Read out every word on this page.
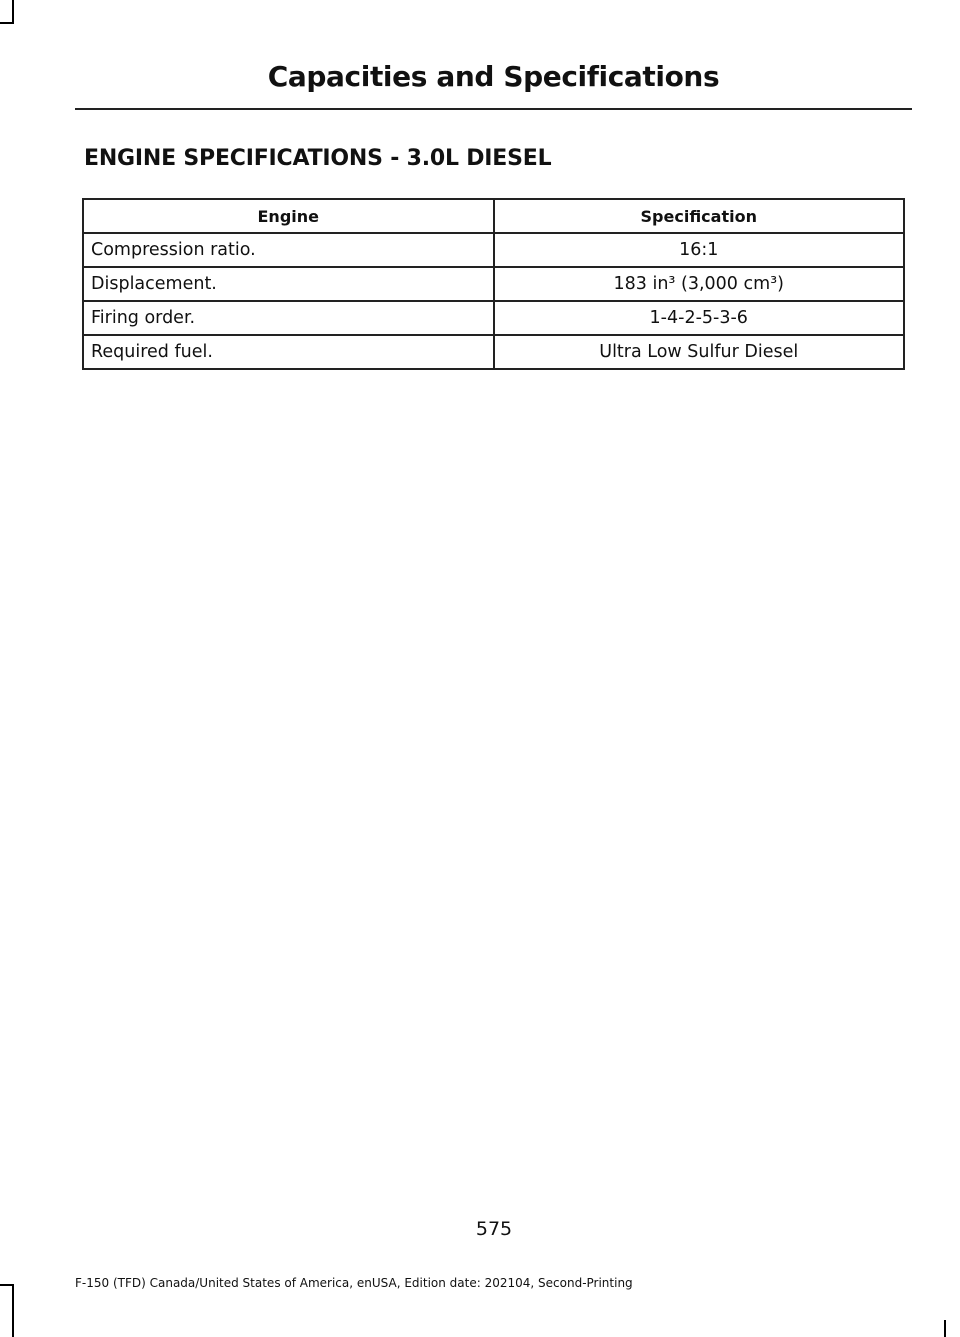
Capacities and Specifications
ENGINE SPECIFICATIONS - 3.0L DIESEL
Engine	Specification
Compression ratio.	16:1
Displacement.	183 in³ (3,000 cm³)
Firing order.	1-4-2-5-3-6
Required fuel.	Ultra Low Sulfur Diesel
575
F-150 (TFD) Canada/United States of America, enUSA, Edition date: 202104, Second-Printing
